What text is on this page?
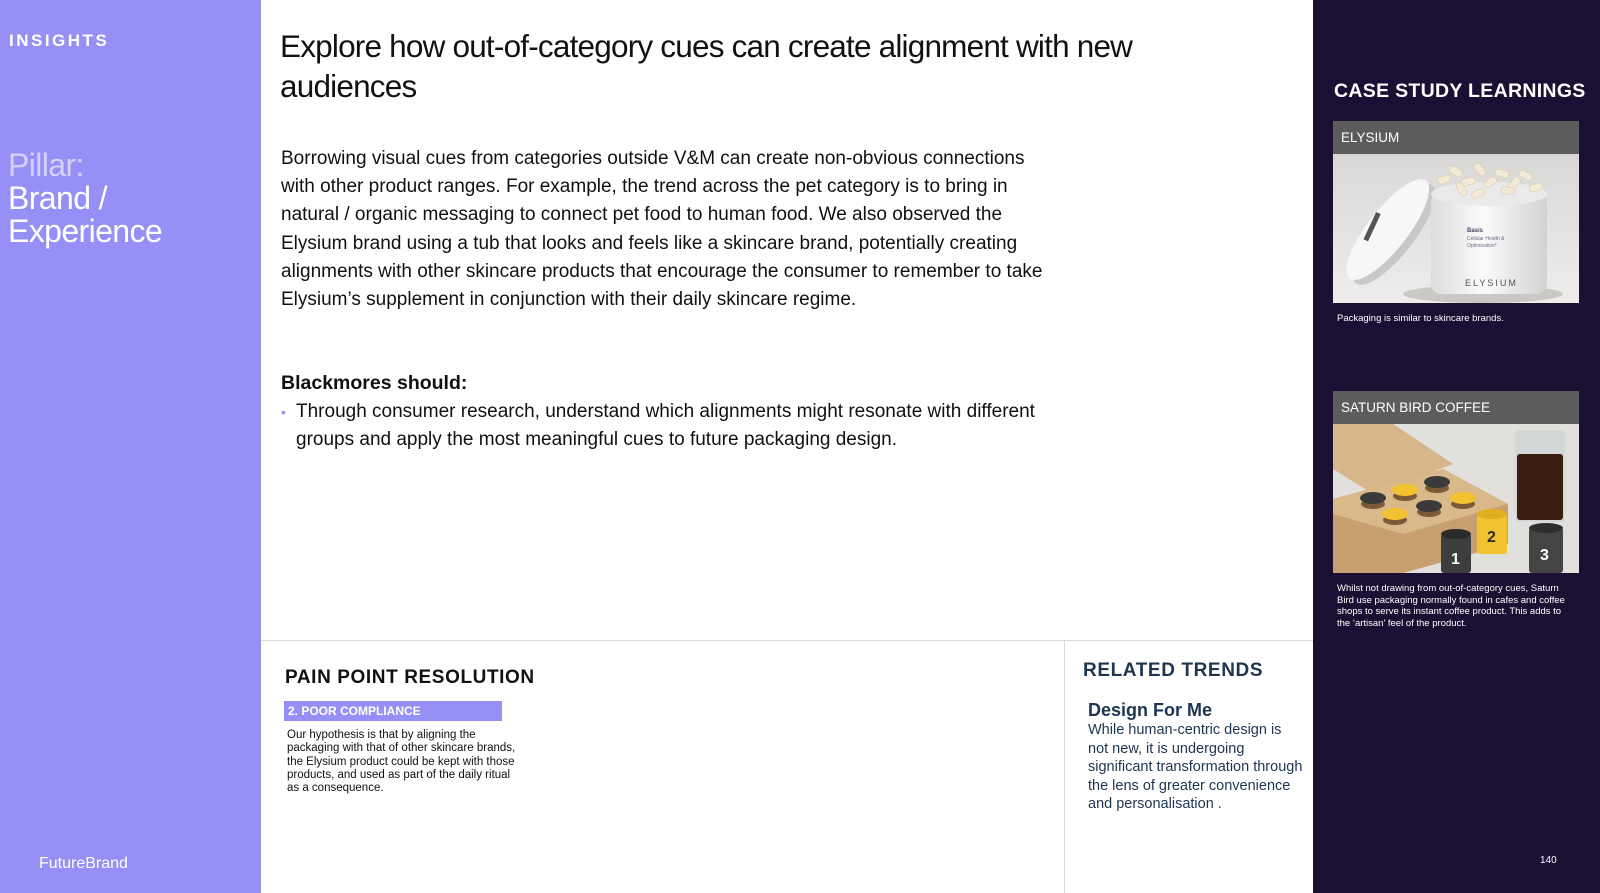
INSIGHTS
Pillar:
Brand /
Experience
FutureBrand
Explore how out-of-category cues can create alignment with new audiences

Borrowing visual cues from categories outside V&M can create non-obvious connections with other product ranges. For example, the trend across the pet category is to bring in natural / organic messaging to connect pet food to human food. We also observed the Elysium brand using a tub that looks and feels like a skincare brand, potentially creating alignments with other skincare products that encourage the consumer to remember to take Elysium’s supplement in conjunction with their daily skincare regime.

Blackmores should:
• Through consumer research, understand which alignments might resonate with different groups and apply the most meaningful cues to future packaging design.
PAIN POINT RESOLUTION
2. POOR COMPLIANCE

Our hypothesis is that by aligning the packaging with that of other skincare brands, the Elysium product could be kept with those products, and used as part of the daily ritual as a consequence.

RELATED TRENDS
Design For Me

While human-centric design is not new, it is undergoing significant transformation through the lens of greater convenience and personalisation .

CASE STUDY LEARNINGS
ELYSIUM
Basis
Cellular Health &
Optimization*
ELYSIUM

Packaging is similar to skincare brands.

SATURN BIRD COFFEE
2
1	3

Whilst not drawing from out-of-category cues, Saturn Bird use packaging normally found in cafes and coffee shops to serve its instant coffee product. This adds to the ‘artisan’ feel of the product.

140
